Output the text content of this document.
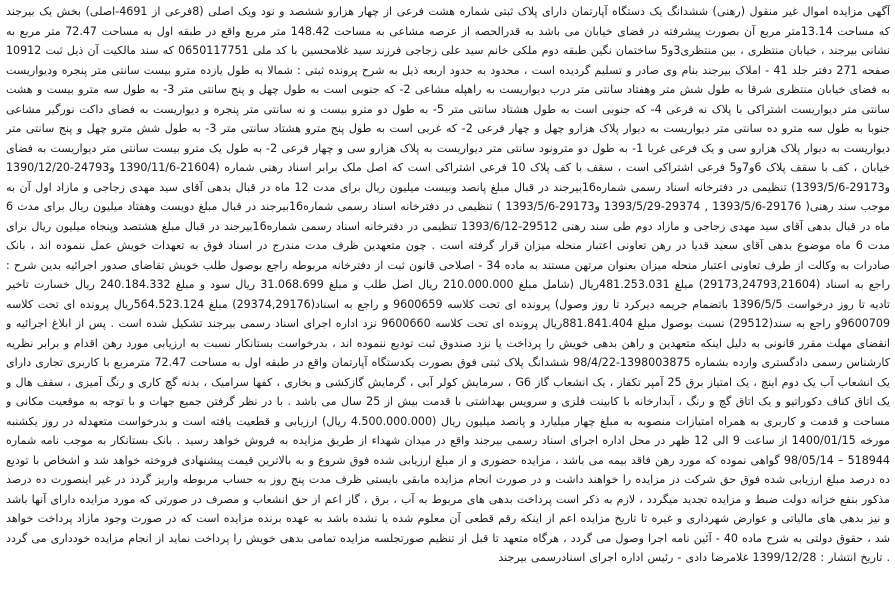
آگهی مزایده اموال غیر منقول (رهنی) ششدانگ یک دستگاه آپارتمان دارای پلاک ثبتی شماره هشت فرعی از چهار هزارو ششصد و نود ویک اصلی (8فرعی از 4691-اصلی) بخش یک بیرجند که مساحت 13.14متر مربع آن بصورت پیشرفته در فضای خیابان می باشد به قدرالحصه از عرصه مشاعی به مساحت 148.42 متر مربع واقع در طبقه اول به مساحت 72.47 متر مربع به نشانی بیرجند ، خیابان منتظری ، بین منتظری3و5 ساختمان نگین طبقه دوم ملکی خانم سید علی زجاجی فرزند سید غلامحسین با کد ملی 0650117751 که سند مالکیت آن ذیل ثبت 10912 صفحه 271 دفتر جلد 41 - املاک بیرجند بنام وی صادر و تسلیم گردیده است ، محدود به حدود اربعه ذیل به شرح پرونده ثبتی : شمالا به طول یازده مترو بیست سانتی متر پنجره ودیواریست به فضای خیابان منتظری شرقا به طول شش متر وهفتاد سانتی متر درب دیواریست به راهپله مشاعی 2- که جنوبی است به طول چهل و پنج سانتی متر 3- به طول سه مترو بیست و هشت سانتی متر دیواریست اشتراکی با پلاک نه فرعی 4- که جنوبی است به طول هشتاد سانتی متر 5- به طول دو مترو بیست و نه سانتی متر پنجره و دیواریست به فضای داکت نورگیر مشاعی جنوبا به طول سه مترو ده سانتی متر دیواریست به دیوار پلاک هزارو چهل و چهار فرعی 2- که غربی است به طول پنج مترو هشتاد سانتی متر 3- به طول شش مترو چهل و پنج سانتی متر دیواریست به دیوار پلاک هزارو سی و یک فرعی غربا 1- به طول دو مترونود سانتی متر دیواریست به پلاک هزارو سی و چهار فرعی 2- به طول یک مترو بیست سانتی متر دیواریست به فضای خیابان ، کف با سقف پلاک 6و7و5 فرعی اشتراکی است ، سقف با کف پلاک 10 فرعی اشتراکی است که اصل ملک برابر اسناد رهنی شماره (21604-1390/11/6 و24793-1390/12/20 و29173-1393/5/6) تنظیمی در دفترخانه اسناد رسمی شماره16بیرجند در قبال مبلغ پانصد وبیست میلیون ریال برای مدت 12 ماه در قبال بدهی آقای سید مهدی زجاجی و مازاد اول آن به موجب سند رهنی( 29176-1393/5/6 , 29374-1393/5/29 و29173-1393/5/6 ) تنظیمی در دفترخانه اسناد رسمی شماره16بیرجند در قبال مبلغ دویست وهفتاد میلیون ریال برای مدت 6 ماه در قبال بدهی آقای سید مهدی زجاجی و مازاد دوم طی سند رهنی 29512-1393/6/12 تنظیمی در دفترخانه اسناد رسمی شماره16بیرجند در قبال مبلغ هشتصد وپنجاه میلیون ریال برای مدت 6 ماه موضوع بدهی آقای سعید قدیا در رهن تعاونی اعتبار منحله میزان قرار گرفته است . چون متعهدین ظرف مدت مندرج در اسناد فوق به تعهدات خویش عمل ننموده اند ، بانک صادرات به وکالت از طرف تعاونی اعتبار منحله میزان بعنوان مرتهن مستند به ماده 34 - اصلاحی قانون ثبت از دفترخانه مربوطه راجع بوصول طلب خویش تقاضای صدور اجرائیه بدین شرح : راجع به اسناد (29173,24793,21604) مبلغ 481.253.031ریال (شامل مبلغ 210.000.000 ریال اصل طلب و مبلغ 31.068.699 ریال سود و مبلغ 240.184.332 ریال خسارت تاخیر تادیه تا روز درخواست 1396/5/5 باتضمام جریمه دیرکرد تا روز وصول) پرونده ای تحت کلاسه 9600659 و راجع به اسناد(29374,29176) مبلغ 564.523.124ریال پرونده ای تحت کلاسه 9600709و راجع به سند(29512) نسبت بوصول مبلغ 881.841.404ریال پرونده ای تحت کلاسه 9600660 نزد اداره اجرای اسناد رسمی بیرجند تشکیل شده است . پس از ابلاغ اجرائیه و انقضای مهلت مقرر قانونی به دلیل اینکه متعهدین و راهن بدهی خویش را پرداخت یا نزد صندوق ثبت تودیع ننموده اند ، بدرخواست بستانکار نسبت به ارزیابی مورد رهن اقدام و برابر نظریه کارشناس رسمی دادگستری وارده بشماره 1398003875-98/4/22 ششدانگ پلاک ثبتی فوق بصورت یکدستگاه آپارتمان واقع در طبقه اول به مساحت 72.47 مترمربع با کاربری تجاری دارای یک انشعاب آب یک دوم اینچ ، یک امتیاز برق 25 آمپر تکفاز ، یک انشعاب گاز G6 ، سرمایش کولر آبی ، گرمایش گازکشی و بخاری ، کفها سرامیک ، بدنه گچ کاری و رنگ آمیزی ، سقف هال و یک اتاق کناف دکوراتیو و یک اتاق گچ و رنگ ، آبدارخانه با کابینت فلزی و سرویس بهداشتی با قدمت بیش از 25 سال می باشد . با در نظر گرفتن جمیع جهات و با توجه به موقعیت مکانی و مساحت و قدمت و کاربری به همراه امتیازات منصوبه به مبلغ چهار میلیارد و پانصد میلیون ریال (4.500.000.000 ریال) ارزیابی و قطعیت یافته است و بدرخواست متعهدله در روز یکشنبه مورخه 1400/01/15 از ساعت 9 الی 12 ظهر در محل اداره اجرای اسناد رسمی بیرجند واقع در میدان شهداء از طریق مزایده به فروش خواهد رسید . بانک بستانکار به موجب نامه شماره 518944 – 98/05/14 گواهی نموده که مورد رهن فاقد بیمه می باشد ، مزایده حضوری و از مبلغ ارزیابی شده فوق شروع و به بالاترین قیمت پیشنهادی فروخته خواهد شد و اشخاص با تودیع ده درصد مبلغ ارزیابی شده فوق حق شرکت در مزایده را خواهند داشت و در صورت انجام مزایده مابقی بایستی ظرف مدت پنج روز به حساب مربوطه واریز گردد در غیر اینصورت ده درصد مذکور بنفع خزانه دولت ضبط و مزایده تجدید میگردد ، لازم به ذکر است پرداخت بدهی های مربوط به آب ، برق ، گاز اعم از حق انشعاب و مصرف در صورتی که مورد مزایده دارای آنها باشد و نیز بدهی های مالیاتی و عوارض شهرداری و غیره تا تاریخ مزایده اعم از اینکه رقم قطعی آن معلوم شده یا نشده باشد به عهده برنده مزایده است که در صورت وجود مازاد پرداخت خواهد شد ، حقوق دولتی به شرح ماده 40 - آئین نامه اجرا وصول می گردد ، هرگاه متعهد تا قبل از تنظیم صورتجلسه مزایده تمامی بدهی خویش را پرداخت نماید از انجام مزایده خودداری می گردد . تاریخ انتشار : 1399/12/28 غلامرضا دادی - رئیس اداره اجرای اسنادرسمی بیرجند
